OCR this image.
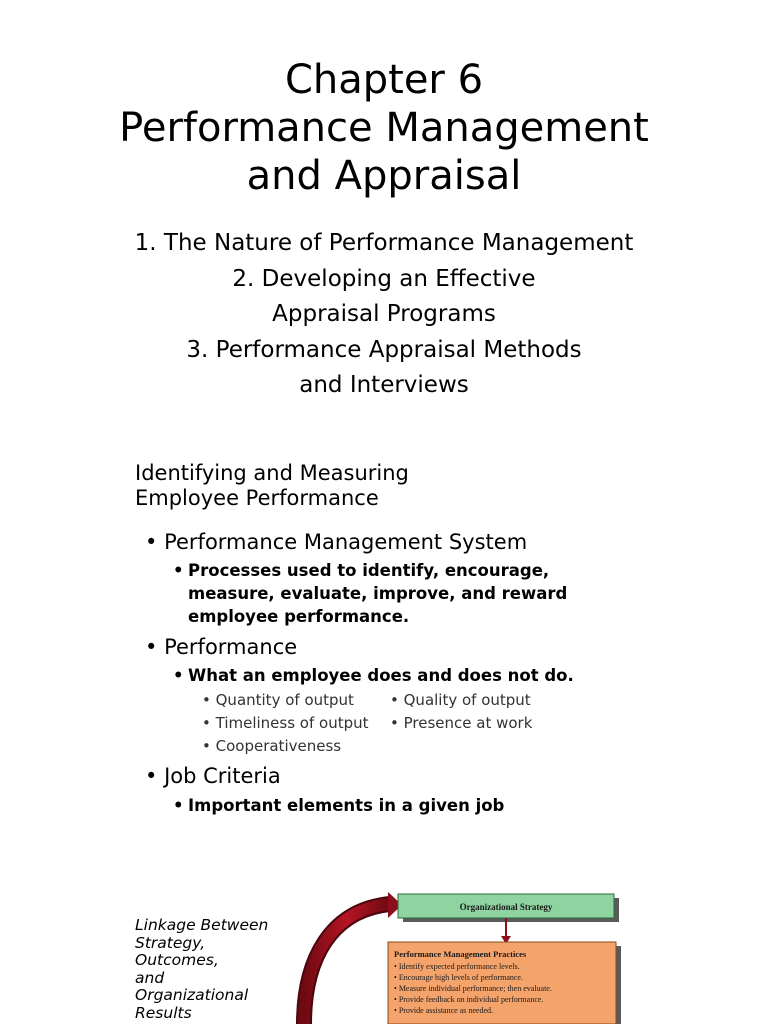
Chapter 6
Performance Management
and Appraisal
1. The Nature of Performance Management
2. Developing an Effective
Appraisal Programs
3. Performance Appraisal Methods
and Interviews
Identifying and Measuring
Employee Performance
• Performance Management System
• Processes used to identify, encourage,
measure, evaluate, improve, and reward
employee performance.
• Performance
• What an employee does and does not do.
• Quantity of output • Quality of output
• Timeliness of output • Presence at work
• Cooperativeness
• Job Criteria
• Important elements in a given job
Linkage Between
Strategy,
Outcomes,
and
Organizational
Results
Organizational Strategy
Performance Management Practices
• Identify expected performance levels.
• Encourage high levels of performance.
• Measure individual performance; then evaluate.
• Provide feedback on individual performance.
• Provide assistance as needed.
